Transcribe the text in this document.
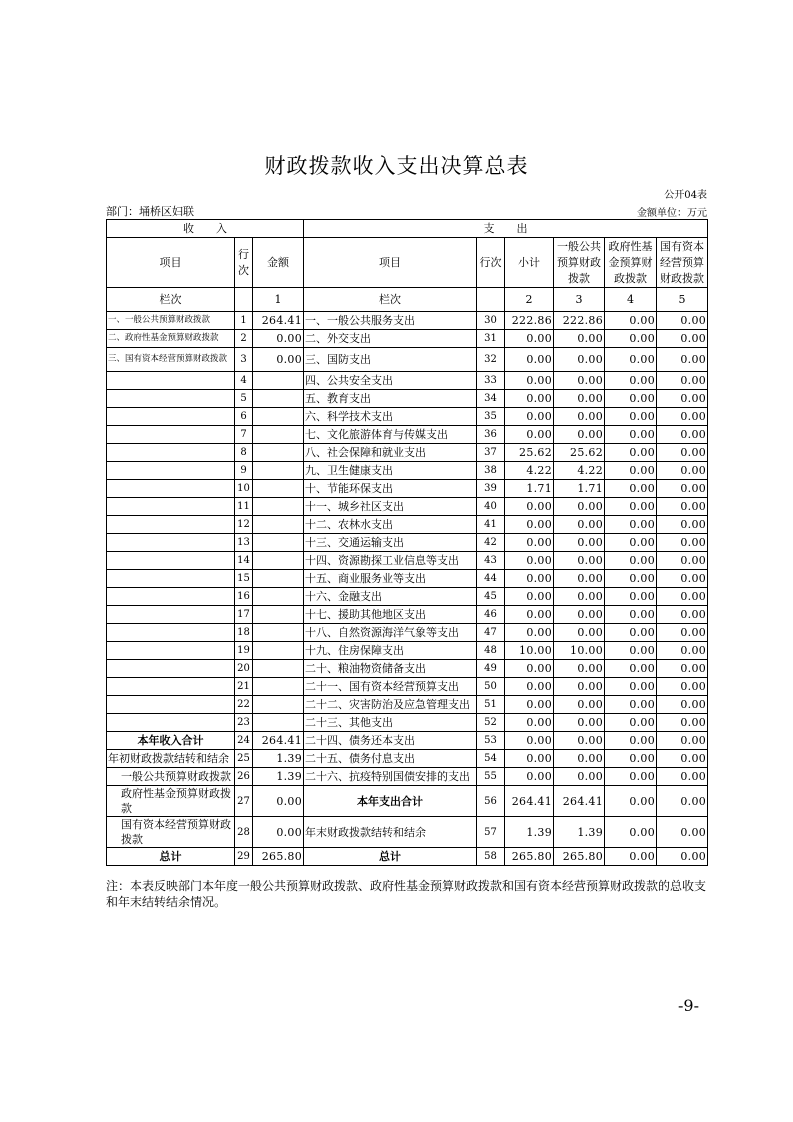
财政拨款收入支出决算总表
公开04表
部门：埇桥区妇联	金额单位：万元
收　　入			支　　出					
项目	行次	金额	项目	行次	小计	一般公共预算财政拨款	政府性基金预算财政拨款	国有资本经营预算财政拨款
栏次		1	栏次		2	3	4	5
一、一般公共预算财政拨款	1	264.41	一、一般公共服务支出	30	222.86	222.86	0.00	0.00
二、政府性基金预算财政拨款	2	0.00	二、外交支出	31	0.00	0.00	0.00	0.00
三、国有资本经营预算财政拨款	3	0.00	三、国防支出	32	0.00	0.00	0.00	0.00
	4		四、公共安全支出	33	0.00	0.00	0.00	0.00
	5		五、教育支出	34	0.00	0.00	0.00	0.00
	6		六、科学技术支出	35	0.00	0.00	0.00	0.00
	7		七、文化旅游体育与传媒支出	36	0.00	0.00	0.00	0.00
	8		八、社会保障和就业支出	37	25.62	25.62	0.00	0.00
	9		九、卫生健康支出	38	4.22	4.22	0.00	0.00
	10		十、节能环保支出	39	1.71	1.71	0.00	0.00
	11		十一、城乡社区支出	40	0.00	0.00	0.00	0.00
	12		十二、农林水支出	41	0.00	0.00	0.00	0.00
	13		十三、交通运输支出	42	0.00	0.00	0.00	0.00
	14		十四、资源勘探工业信息等支出	43	0.00	0.00	0.00	0.00
	15		十五、商业服务业等支出	44	0.00	0.00	0.00	0.00
	16		十六、金融支出	45	0.00	0.00	0.00	0.00
	17		十七、援助其他地区支出	46	0.00	0.00	0.00	0.00
	18		十八、自然资源海洋气象等支出	47	0.00	0.00	0.00	0.00
	19		十九、住房保障支出	48	10.00	10.00	0.00	0.00
	20		二十、粮油物资储备支出	49	0.00	0.00	0.00	0.00
	21		二十一、国有资本经营预算支出	50	0.00	0.00	0.00	0.00
	22		二十二、灾害防治及应急管理支出	51	0.00	0.00	0.00	0.00
	23		二十三、其他支出	52	0.00	0.00	0.00	0.00
本年收入合计	24	264.41	二十四、债务还本支出	53	0.00	0.00	0.00	0.00
年初财政拨款结转和结余	25	1.39	二十五、债务付息支出	54	0.00	0.00	0.00	0.00
一般公共预算财政拨款	26	1.39	二十六、抗疫特别国债安排的支出	55	0.00	0.00	0.00	0.00
政府性基金预算财政拨款	27	0.00	本年支出合计	56	264.41	264.41	0.00	0.00
国有资本经营预算财政拨款	28	0.00	年末财政拨款结转和结余	57	1.39	1.39	0.00	0.00
总计	29	265.80	总计	58	265.80	265.80	0.00	0.00
注：本表反映部门本年度一般公共预算财政拨款、政府性基金预算财政拨款和国有资本经营预算财政拨款的总收支和年末结转结余情况。
-9-
